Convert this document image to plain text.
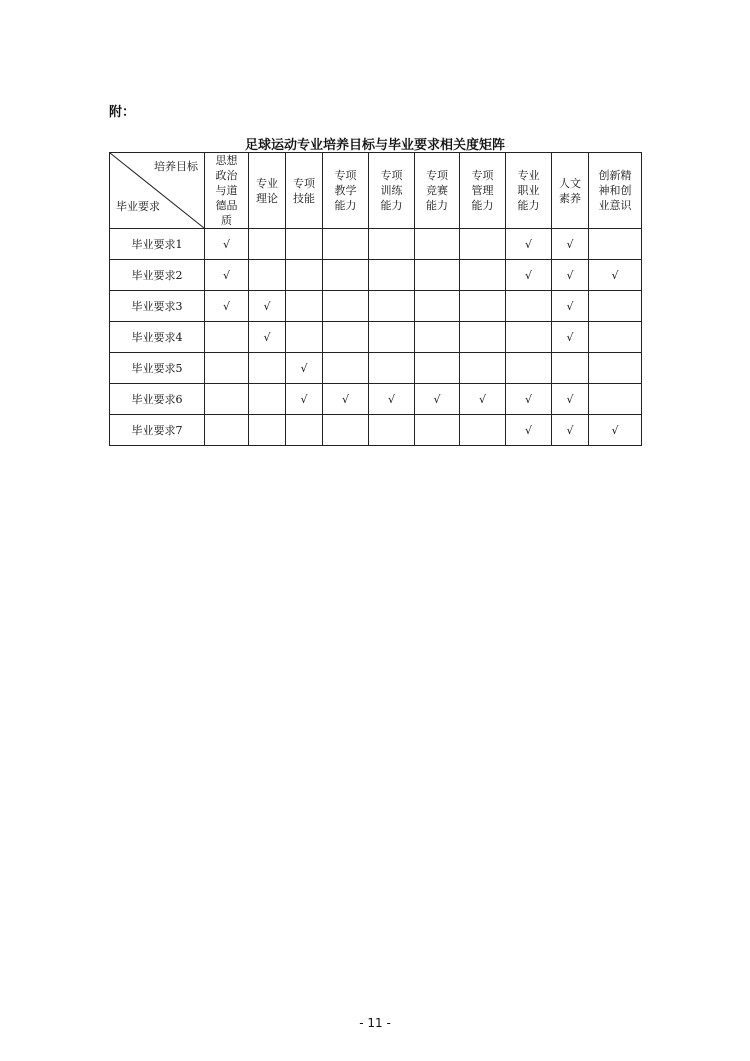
附：
足球运动专业培养目标与毕业要求相关度矩阵
培养目标
毕业要求	思想政治与道德品质	专业理论	专项技能	专项教学能力	专项训练能力	专项竞赛能力	专项管理能力	专业职业能力	人文素养	创新精神和创业意识

毕业要求1	√							√	√	
毕业要求2	√							√	√	√
毕业要求3	√	√							√	
毕业要求4		√							√	
毕业要求5			√							
毕业要求6			√	√	√	√	√	√	√	
毕业要求7								√	√	√
- 11 -
